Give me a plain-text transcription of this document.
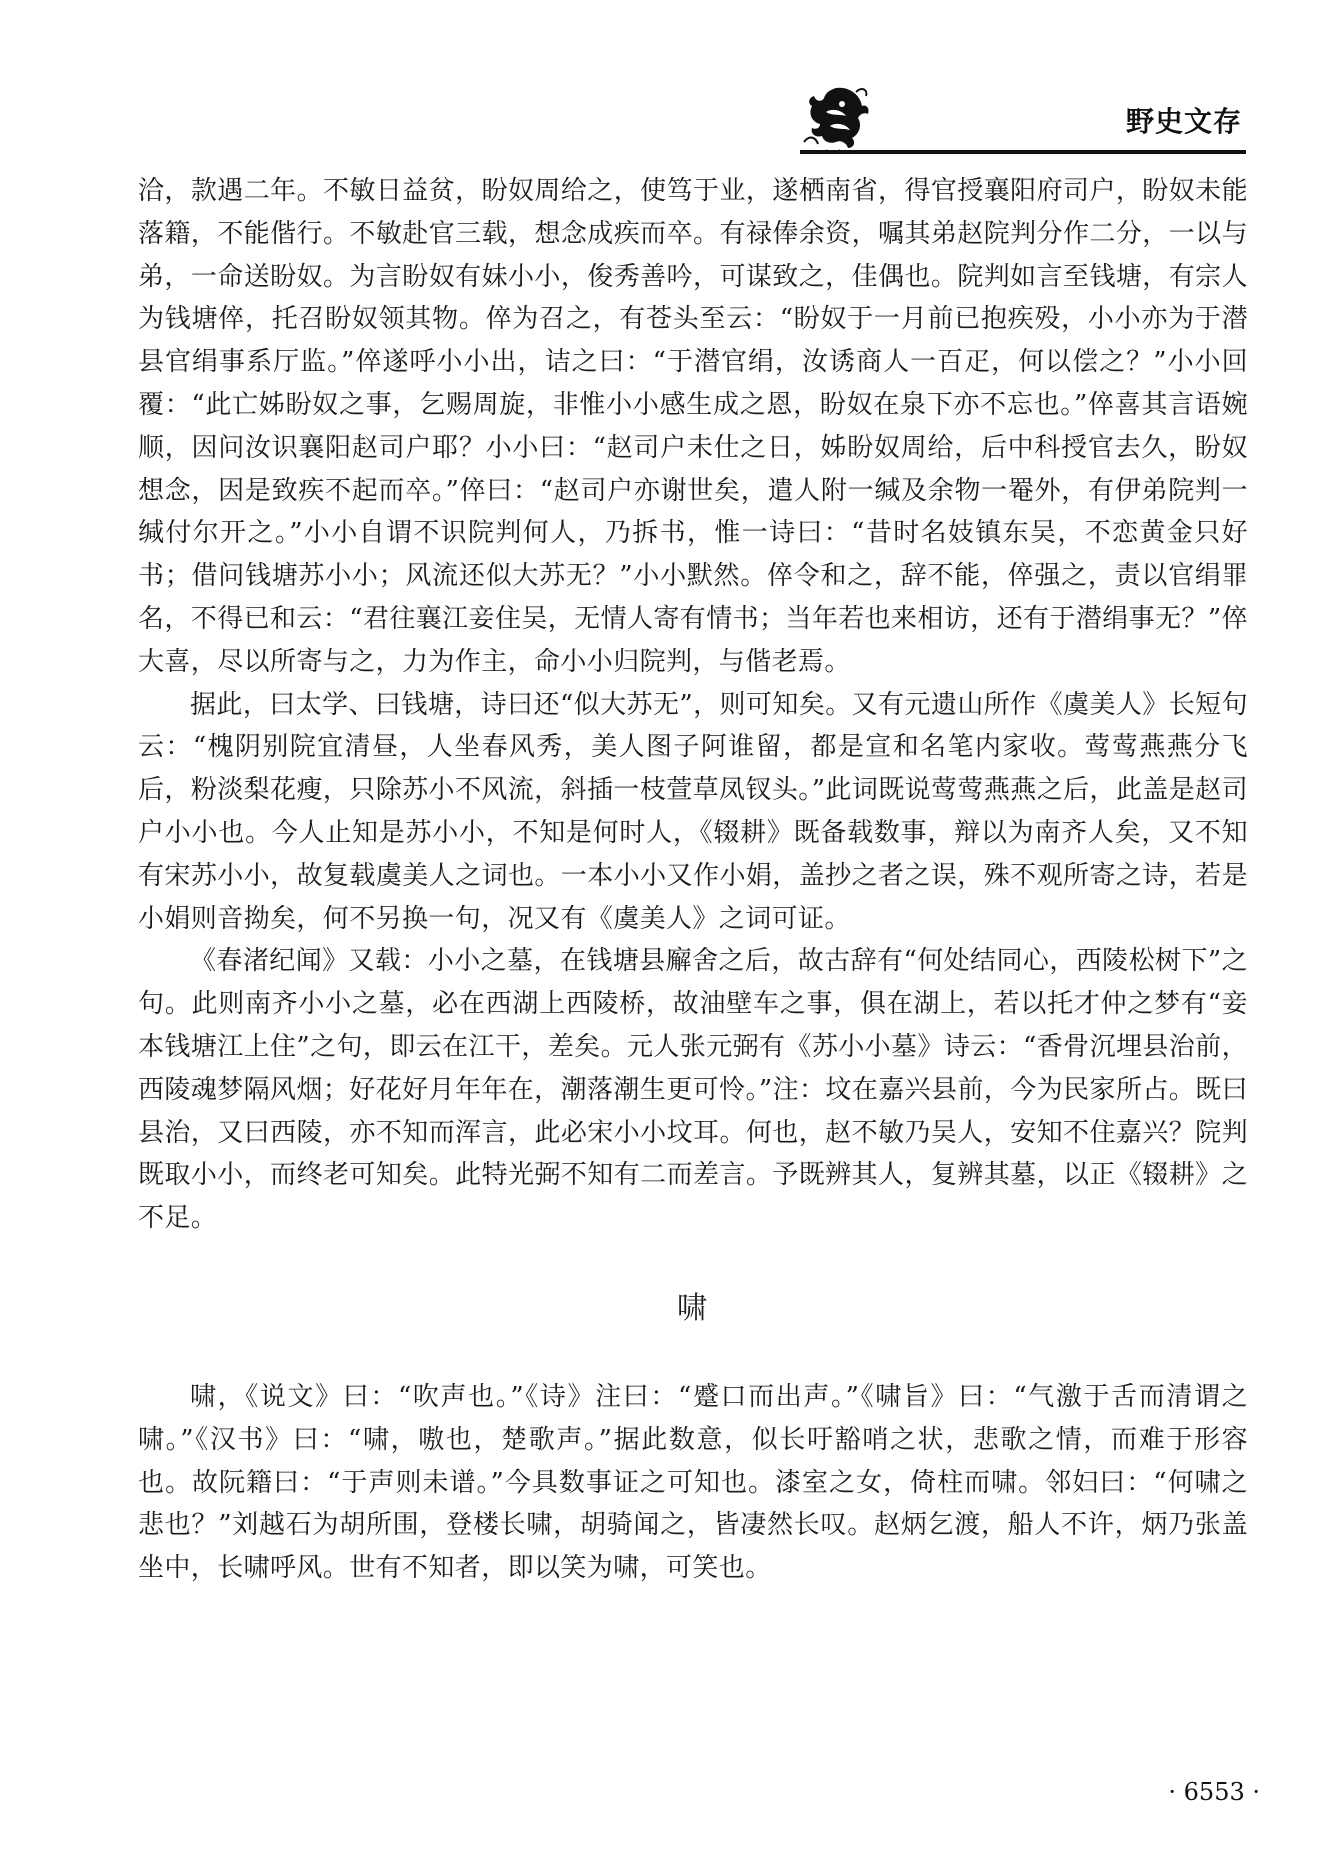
野史文存

洽，款遇二年。不敏日益贫，盼奴周给之，使笃于业，遂栖南省，得官授襄阳府司户，盼奴未能落籍，不能偕行。不敏赴官三载，想念成疾而卒。有禄俸余资，嘱其弟赵院判分作二分，一以与弟，一命送盼奴。为言盼奴有妹小小，俊秀善吟，可谋致之，佳偶也。院判如言至钱塘，有宗人为钱塘倅，托召盼奴领其物。倅为召之，有苍头至云：“盼奴于一月前已抱疾殁，小小亦为于潜县官绢事系厅监。”倅遂呼小小出，诘之曰：“于潜官绢，汝诱商人一百疋，何以偿之？”小小回覆：“此亡姊盼奴之事，乞赐周旋，非惟小小感生成之恩，盼奴在泉下亦不忘也。”倅喜其言语婉顺，因问汝识襄阳赵司户耶？小小曰：“赵司户未仕之日，姊盼奴周给，后中科授官去久，盼奴想念，因是致疾不起而卒。”倅曰：“赵司户亦谢世矣，遣人附一缄及余物一罨外，有伊弟院判一缄付尔开之。”小小自谓不识院判何人，乃拆书，惟一诗曰：“昔时名妓镇东吴，不恋黄金只好书；借问钱塘苏小小；风流还似大苏无？”小小默然。倅令和之，辞不能，倅强之，责以官绢罪名，不得已和云：“君往襄江妾住吴，无情人寄有情书；当年若也来相访，还有于潜绢事无？”倅大喜，尽以所寄与之，力为作主，命小小归院判，与偕老焉。

据此，曰太学、曰钱塘，诗曰还“似大苏无”，则可知矣。又有元遗山所作《虞美人》长短句云：“槐阴别院宜清昼，人坐春风秀，美人图子阿谁留，都是宣和名笔内家收。莺莺燕燕分飞后，粉淡梨花瘦，只除苏小不风流，斜插一枝萱草凤钗头。”此词既说莺莺燕燕之后，此盖是赵司户小小也。今人止知是苏小小，不知是何时人，《辍耕》既备载数事，辩以为南齐人矣，又不知有宋苏小小，故复载虞美人之词也。一本小小又作小娟，盖抄之者之误，殊不观所寄之诗，若是小娟则音拗矣，何不另换一句，况又有《虞美人》之词可证。

《春渚纪闻》又载：小小之墓，在钱塘县廨舍之后，故古辞有“何处结同心，西陵松树下”之句。此则南齐小小之墓，必在西湖上西陵桥，故油壁车之事，俱在湖上，若以托才仲之梦有“妾本钱塘江上住”之句，即云在江干，差矣。元人张元弼有《苏小小墓》诗云：“香骨沉埋县治前，西陵魂梦隔风烟；好花好月年年在，潮落潮生更可怜。”注：坟在嘉兴县前，今为民家所占。既曰县治，又曰西陵，亦不知而浑言，此必宋小小坟耳。何也，赵不敏乃吴人，安知不住嘉兴？院判既取小小，而终老可知矣。此特光弼不知有二而差言。予既辨其人，复辨其墓，以正《辍耕》之不足。

啸

啸，《说文》曰：“吹声也。”《诗》注曰：“蹙口而出声。”《啸旨》曰：“气激于舌而清谓之啸。”《汉书》曰：“啸，嗷也，楚歌声。”据此数意，似长吁豁哨之状，悲歌之情，而难于形容也。故阮籍曰：“于声则未谱。”今具数事证之可知也。漆室之女，倚柱而啸。邻妇曰：“何啸之悲也？”刘越石为胡所围，登楼长啸，胡骑闻之，皆凄然长叹。赵炳乞渡，船人不许，炳乃张盖坐中，长啸呼风。世有不知者，即以笑为啸，可笑也。

· 6553 ·
